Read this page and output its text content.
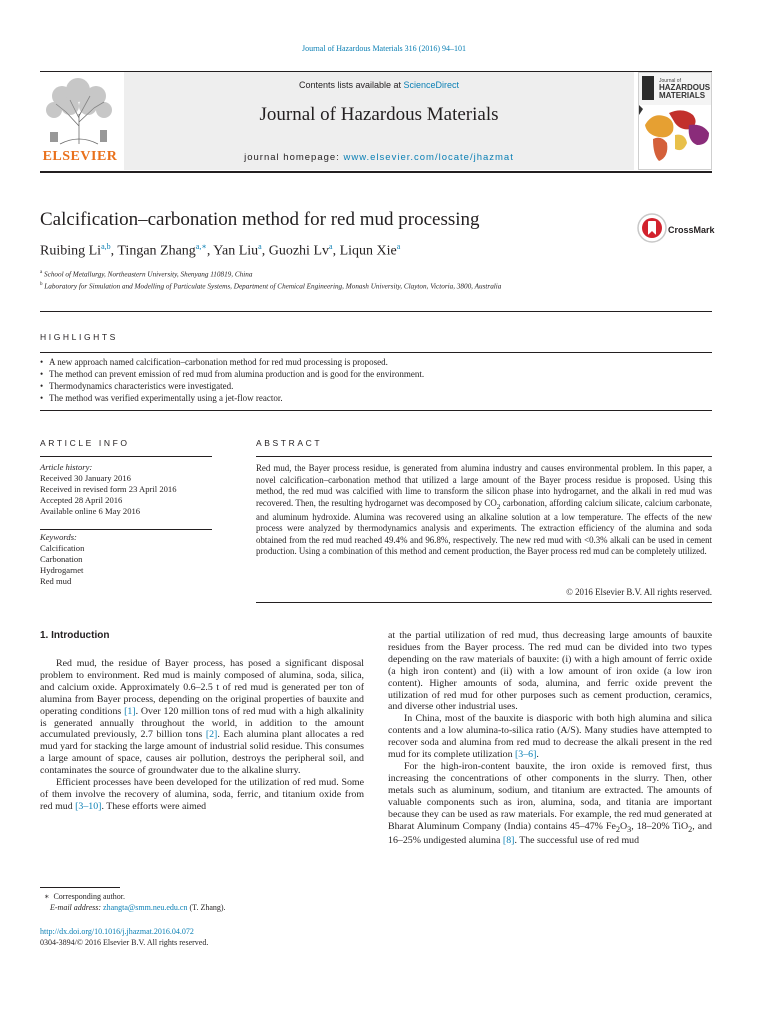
Journal of Hazardous Materials 316 (2016) 94–101
Contents lists available at ScienceDirect
Journal of Hazardous Materials
journal homepage: www.elsevier.com/locate/jhazmat
ELSEVIER
Journal of
HAZARDOUS
MATERIALS
Calcification–carbonation method for red mud processing	CrossMark
Ruibing Li$^{a,b}$, Tingan Zhang$^{a,∗}$, Yan Liu$^a$, Guozhi Lv$^a$, Liqun Xie$^a$
$^a$ School of Metallurgy, Northeastern University, Shenyang 110819, China
$^b$ Laboratory for Simulation and Modelling of Particulate Systems, Department of Chemical Engineering, Monash University, Clayton, Victoria, 3800, Australia
HIGHLIGHTS
• A new approach named calcification–carbonation method for red mud processing is proposed.
• The method can prevent emission of red mud from alumina production and is good for the environment.
• Thermodynamics characteristics were investigated.
• The method was verified experimentally using a jet-flow reactor.
ARTICLE INFO	ABSTRACT
Article history:
Received 30 January 2016
Received in revised form 23 April 2016
Accepted 28 April 2016
Available online 6 May 2016
Keywords:
Calcification
Carbonation
Hydrogarnet
Red mud
Red mud, the Bayer process residue, is generated from alumina industry and causes environmental problem. In this paper, a novel calcification–carbonation method that utilized a large amount of the Bayer process residue is proposed. Using this method, the red mud was calcified with lime to transform the silicon phase into hydrogarnet, and the alkali in red mud was recovered. Then, the resulting hydrogarnet was decomposed by $CO_2$ carbonation, affording calcium silicate, calcium carbonate, and aluminum hydroxide. Alumina was recovered using an alkaline solution at a low temperature. The effects of the new process were analyzed by thermodynamics analysis and experiments. The extraction efficiency of the alumina and soda obtained from the red mud reached 49.4% and 96.8%, respectively. The new red mud with <0.3% alkali can be used in cement production. Using a combination of this method and cement production, the Bayer process red mud can be completely utilized.
© 2016 Elsevier B.V. All rights reserved.
1. Introduction

Red mud, the residue of Bayer process, has posed a significant disposal problem to environment. Red mud is mainly composed of alumina, soda, silica, and calcium oxide. Approximately 0.6–2.5 t of red mud is generated per ton of alumina from Bayer process, depending on the original properties of bauxite and operating conditions [1]. Over 120 million tons of red mud with a high alkalinity is generated annually throughout the world, in addition to the amount accumulated previously, 2.7 billion tons [2]. Each alumina plant allocates a red mud yard for stacking the large amount of industrial solid residue. This consumes a large amount of space, causes air pollution, destroys the peripheral soil, and contaminates the source of groundwater due to the alkaline slurry.

Efficient processes have been developed for the utilization of red mud. Some of them involve the recovery of alumina, soda, ferric, and titanium oxide from red mud [3–10]. These efforts were aimed

at the partial utilization of red mud, thus decreasing large amounts of bauxite residues from the Bayer process. The red mud can be divided into two types depending on the raw materials of bauxite: (i) with a high amount of ferric oxide (a high iron content) and (ii) with a low amount of iron oxide (a low iron content). Higher amounts of soda, alumina, and ferric oxide prevent the utilization of red mud for other purposes such as cement production, ceramics, and diverse other industrial uses.

In China, most of the bauxite is diasporic with both high alumina and silica contents and a low alumina-to-silica ratio (A/S). Many studies have attempted to recover soda and alumina from red mud to decrease the alkali present in the red mud for its complete utilization [3–6].

For the high-iron-content bauxite, the iron oxide is removed first, thus increasing the concentrations of other components in the slurry. Then, other metals such as aluminum, sodium, and titanium are extracted. The amounts of valuable components such as iron, alumina, soda, and titania are important because they can be used as raw materials. For example, the red mud generated at Bharat Aluminum Company (India) contains 45–47% $Fe_2O_3$, 18–20% TiO$_2$, and 16–25% undigested alumina [8]. The successful use of red mud

∗ Corresponding author.
E-mail address: zhangta@smm.neu.edu.cn (T. Zhang).
http://dx.doi.org/10.1016/j.jhazmat.2016.04.072
0304-3894/© 2016 Elsevier B.V. All rights reserved.
